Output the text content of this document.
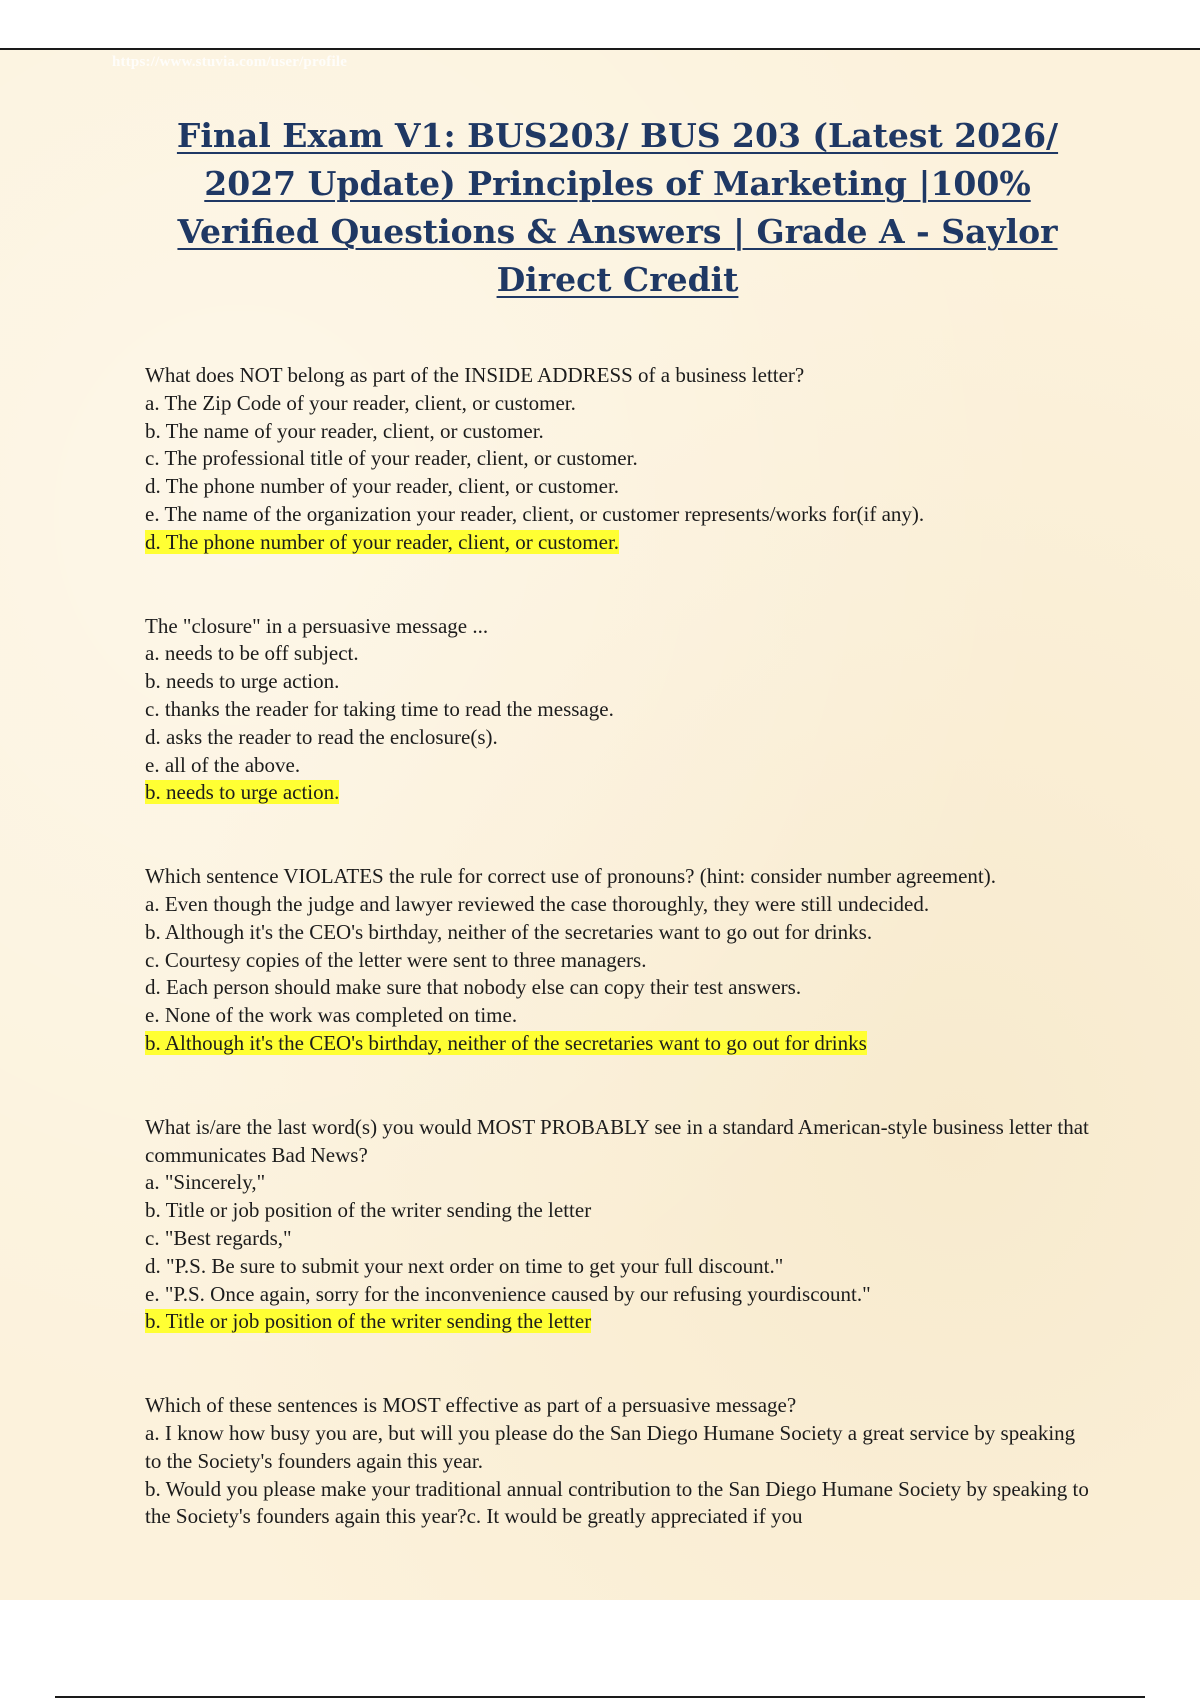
https://www.stuvia.com/user/profile
Final Exam V1: BUS203/ BUS 203 (Latest 2026/ 2027 Update) Principles of Marketing |100% Verified Questions & Answers | Grade A - Saylor Direct Credit
What does NOT belong as part of the INSIDE ADDRESS of a business letter?
a. The Zip Code of your reader, client, or customer.
b. The name of your reader, client, or customer.
c. The professional title of your reader, client, or customer.
d. The phone number of your reader, client, or customer.
e. The name of the organization your reader, client, or customer represents/works for(if any).
d. The phone number of your reader, client, or customer.
The "closure" in a persuasive message ...
a. needs to be off subject.
b. needs to urge action.
c. thanks the reader for taking time to read the message.
d. asks the reader to read the enclosure(s).
e. all of the above.
b. needs to urge action.
Which sentence VIOLATES the rule for correct use of pronouns? (hint: consider number agreement).
a. Even though the judge and lawyer reviewed the case thoroughly, they were still undecided.
b. Although it's the CEO's birthday, neither of the secretaries want to go out for drinks.
c. Courtesy copies of the letter were sent to three managers.
d. Each person should make sure that nobody else can copy their test answers.
e. None of the work was completed on time.
b. Although it's the CEO's birthday, neither of the secretaries want to go out for drinks
What is/are the last word(s) you would MOST PROBABLY see in a standard American-style business letter that communicates Bad News?
a. "Sincerely,"
b. Title or job position of the writer sending the letter
c. "Best regards,"
d. "P.S. Be sure to submit your next order on time to get your full discount."
e. "P.S. Once again, sorry for the inconvenience caused by our refusing yourdiscount."
b. Title or job position of the writer sending the letter
Which of these sentences is MOST effective as part of a persuasive message?
a. I know how busy you are, but will you please do the San Diego Humane Society a great service by speaking to the Society's founders again this year.
b. Would you please make your traditional annual contribution to the San Diego Humane Society by speaking to the Society's founders again this year?c. It would be greatly appreciated if you
